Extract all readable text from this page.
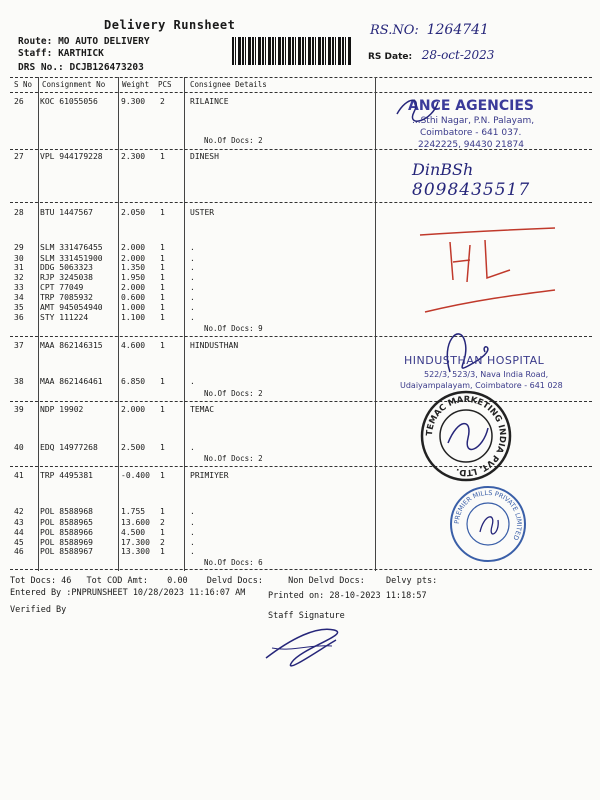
Delivery Runsheet
Route: MO AUTO DELIVERY
Staff: KARTHICK
DRS No.: DCJB126473203
RS.NO: 1264741
RS Date: 28-oct-2023
S No Consignment No Weight PCS Consignee Details
26 KOC 61055056	9.300 2	RILAINCE
27 VPL 944179228 2.300 1	DINESH
28 BTU 1447567	2.050 1	USTER
29 SLM 331476455 2.000 1	.
30 SLM 331451900 2.000 1	.
31 DDG 5063323	1.350 1	.
32 RJP 3245038	1.950 1	.
33 CPT 77049	2.000 1	.
34 TRP 7085932	0.600 1	.
35 AMT 945054940 1.000 1	.
36 STY 111224	1.100 1	.
37 MAA 862146315 4.600 1	HINDUSTHAN
38 MAA 862146461 6.850 1	.
39 NDP 19902	2.000 1	TEMAC
40 EDQ 14977268	2.500 1	.
41 TRP 4495381	-0.400 1	PRIMIYER
42 POL 8588968	1.755 1	.
43 POL 8588965	13.600 2	.
44 POL 8588966	4.500 1	.
45 POL 8588969	17.300 2	.
46 POL 8588967	13.300 1	.
No.Of Docs: 2
No.Of Docs: 9
No.Of Docs: 2
No.Of Docs: 2
No.Of Docs: 6
ANCE AGENCIES
...Sthi Nagar, P.N. Palayam,
Coimbatore - 641 037.
2242225, 94430 21874
DinBSh
8098435517
HINDUSTHAN HOSPITAL
522/3, 523/3, Nava India Road,
Udaiyampalayam, Coimbatore - 641 028
TEMAC MARKETING INDIA PVT. LTD.
PREMIER MILLS PRIVATE LIMITED
Tot Docs: 46 Tot COD Amt: 0.00 Delvd Docs:	Non Delvd Docs: Delvy pts:
Entered By :PNPRUNSHEET 10/28/2023 11:16:07 AM	Printed on: 28-10-2023 11:18:57
Verified By
Staff Signature
